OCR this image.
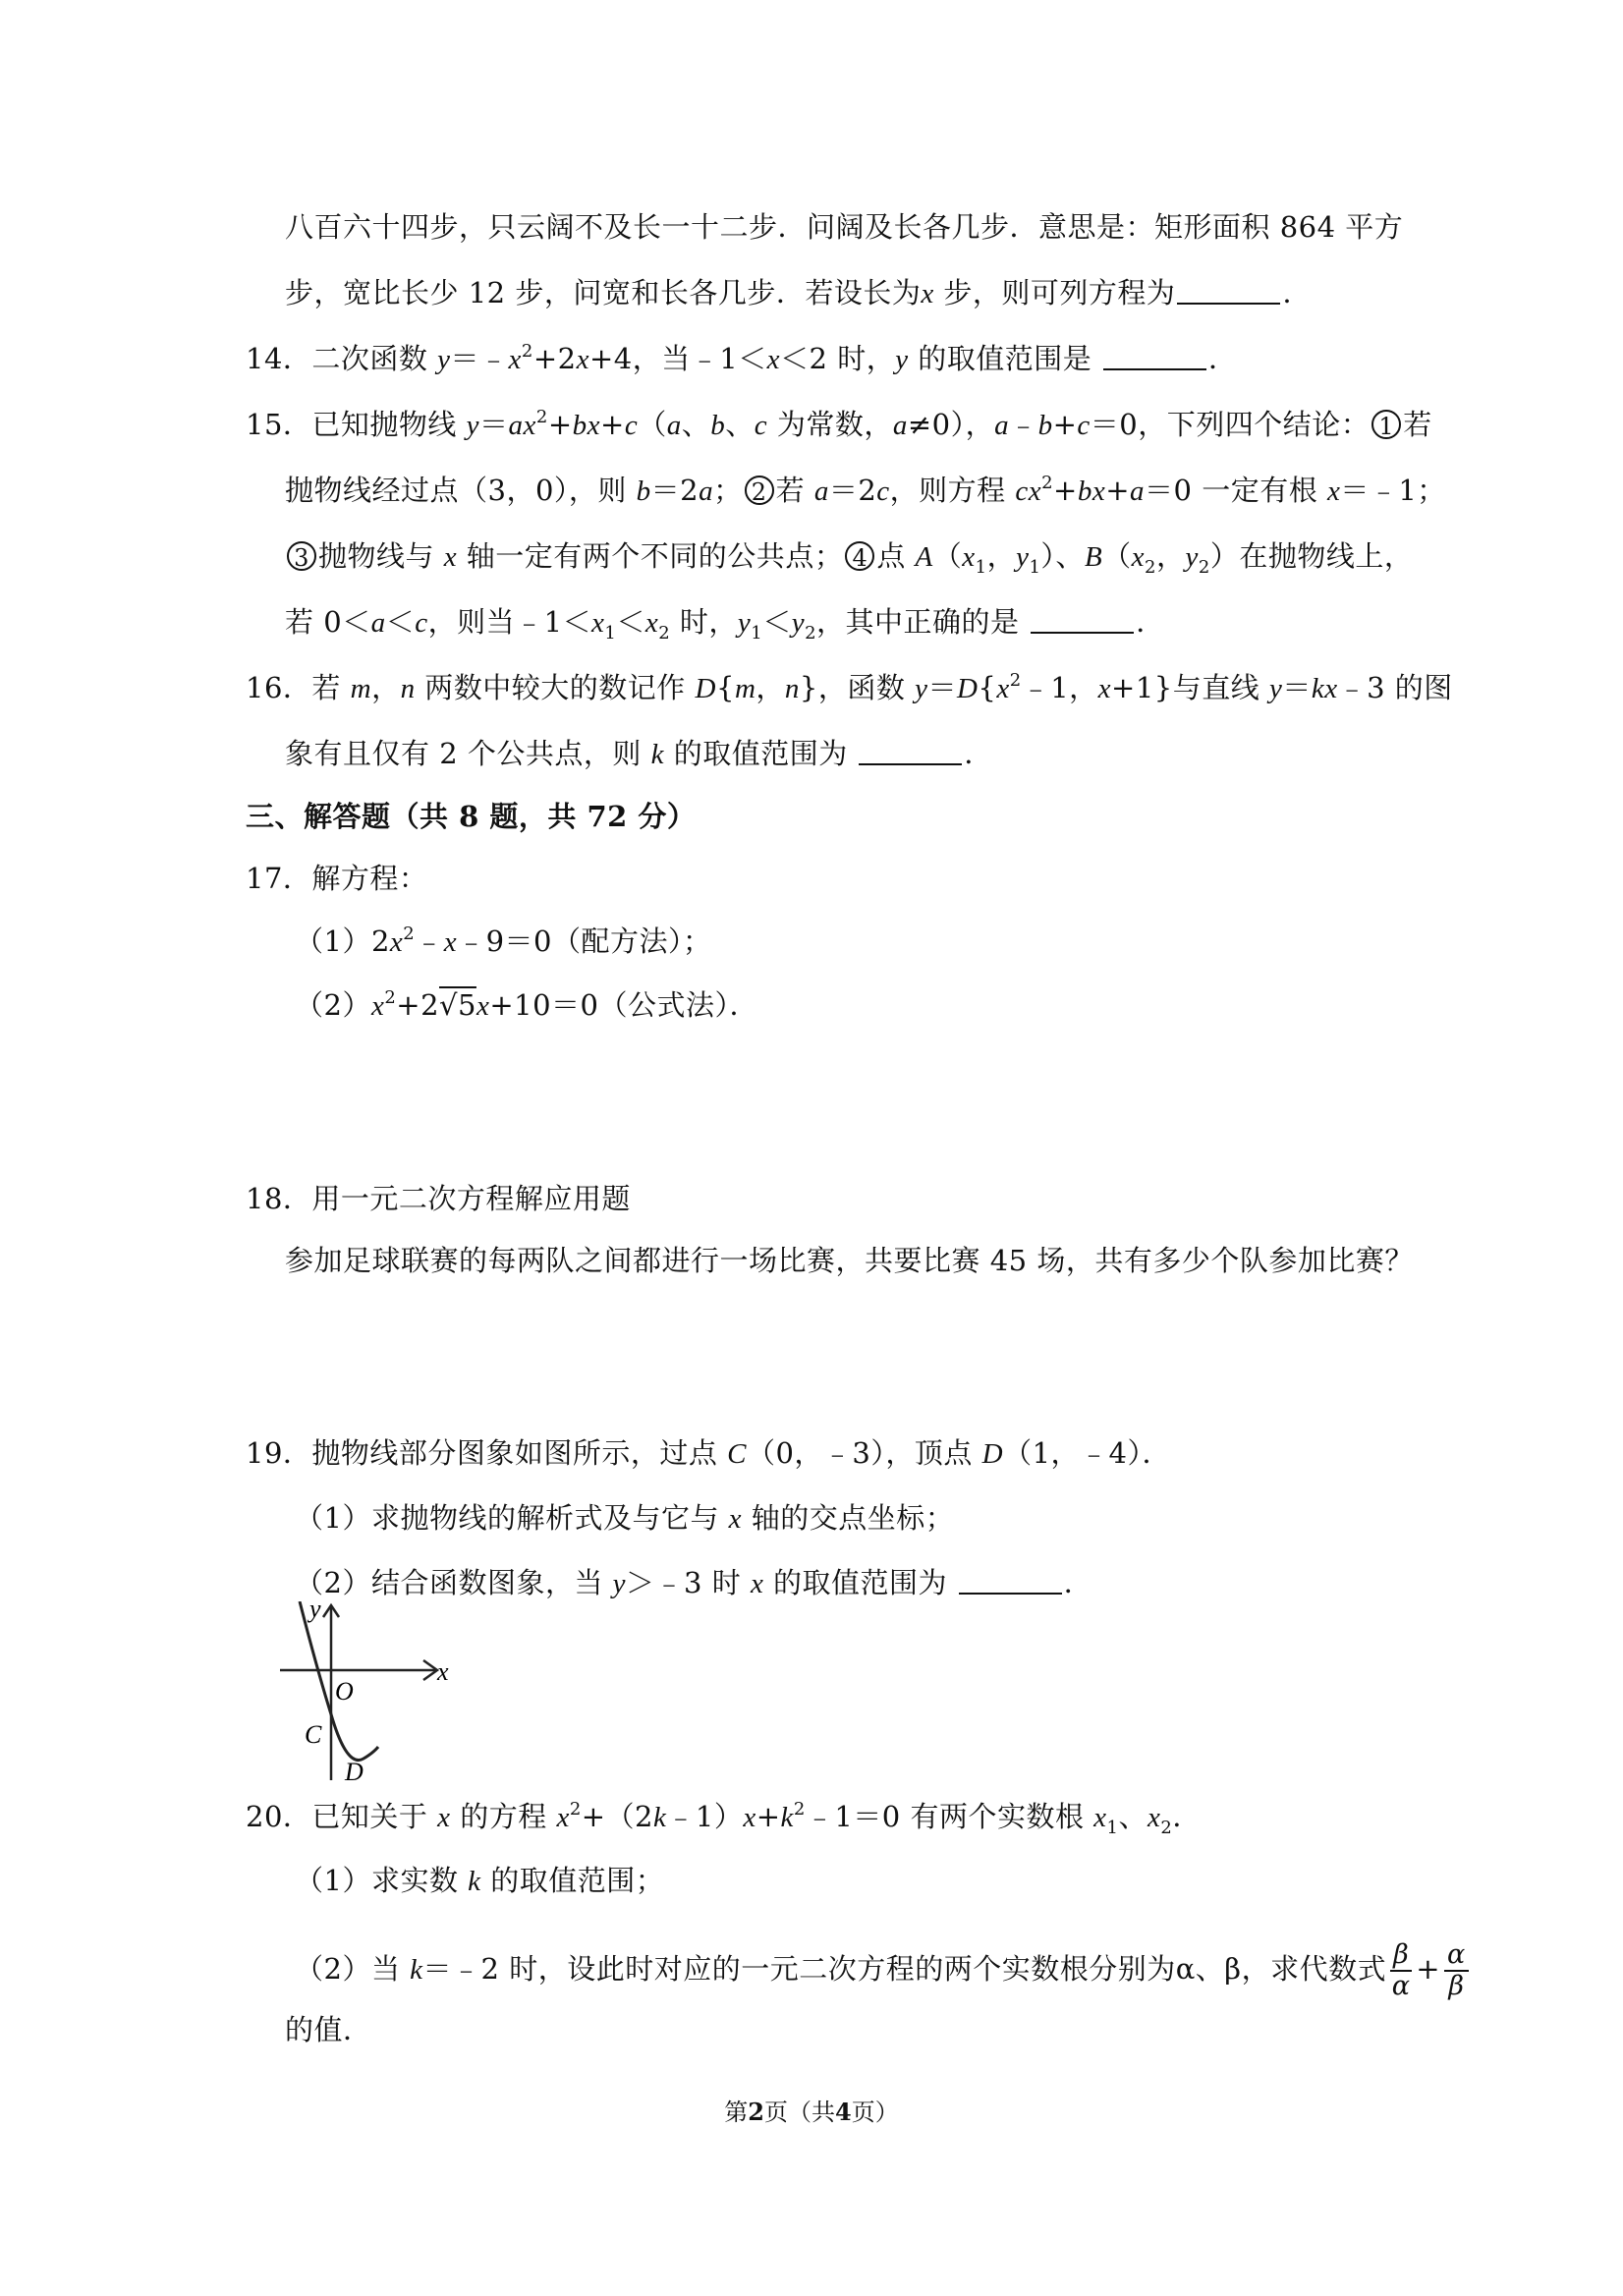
八百六十四步，只云阔不及长一十二步．问阔及长各几步．意思是：矩形面积 864 平方
步，宽比长少 12 步，问宽和长各几步．若设长为x 步，则可列方程为	．
14．二次函数 $y=﹣x^2+2x+4$，当﹣1＜x＜2 时，y 的取值范围是	．
15．已知抛物线 $y=ax^2+bx+c(a$、b、c 为常数，a≠0），a﹣b+c＝0，下列四个结论： 1 若
抛物线经过点（3，0），则 b＝2a； 2 若 a＝2c，则方程 $cx^2+bx+a=0$ 一定有根 x＝﹣1；
3 抛物线与 x 轴一定有两个不同的公共点； 4 点 $A(x_1$，$y_1$）、$B(x_2$，$y_2$）在抛物线上，
若 0＜a＜c，则当$﹣1<x_1<x_2$ 时，$y_1<y_2$，其中正确的是	．
16．若 m，n 两数中较大的数记作 D{m，n}，函数 $y=D\{x^2﹣1$，x+1}与直线 y＝kx﹣3 的图
象有且仅有 2 个公共点，则 k 的取值范围为	．
三、解答题（共 8 题，共 72 分）
17．解方程：
$(1)2x^2﹣x﹣9=0$（配方法）；
$(2)x^2+2√5x+10=0$（公式法）．
18．用一元二次方程解应用题
参加足球联赛的每两队之间都进行一场比赛，共要比赛 45 场，共有多少个队参加比赛？
19．抛物线部分图象如图所示，过点 C（0，﹣3），顶点 D（1，﹣4）．
（1）求抛物线的解析式及与它与 x 轴的交点坐标；
（2）结合函数图象，当 y＞﹣3 时 x 的取值范围为	．
y
x
O
C
D
20．已知关于 x 的方程 $x^2+(2k﹣1)x+k^2﹣1=0$ 有两个实数根 $x_1$、$x_2$．
（1）求实数 k 的取值范围；
（2）当 k＝﹣2 时，设此时对应的一元二次方程的两个实数根分别为α、β，求代数式 $\frac{\beta}{\alpha} + \frac{\alpha}{\beta}$
的值．
第2页（共4页）
